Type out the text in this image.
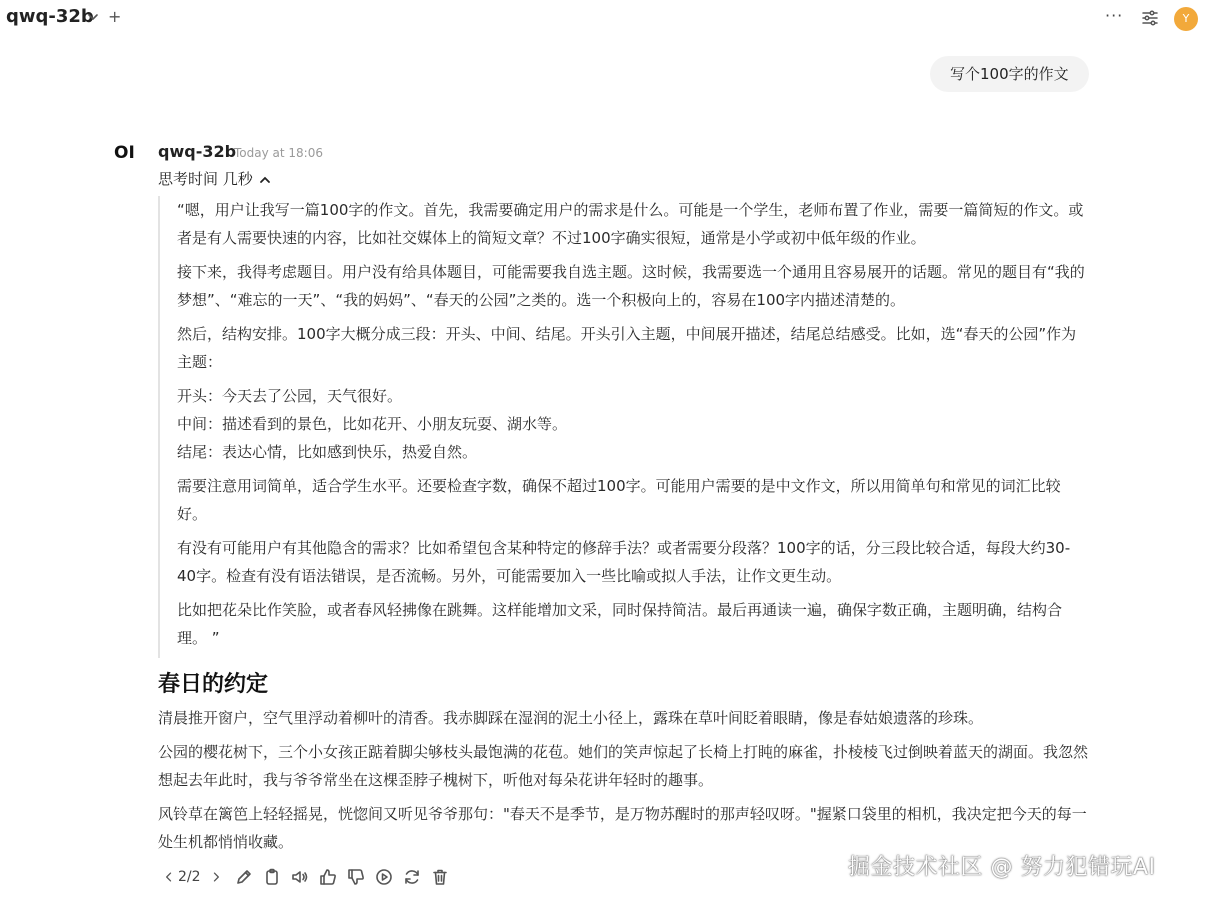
qwq-32b +	···	Y
写个100字的作文
OI qwq-32b
Today at 18:06
思考时间 几秒

“嗯，用户让我写一篇100字的作文。首先，我需要确定用户的需求是什么。可能是一个学生，老师布置了作业，需要一篇简短的作文。或者是有人需要快速的内容，比如社交媒体上的简短文章？不过100字确实很短，通常是小学或初中低年级的作业。

接下来，我得考虑题目。用户没有给具体题目，可能需要我自选主题。这时候，我需要选一个通用且容易展开的话题。常见的题目有“我的梦想”、“难忘的一天”、“我的妈妈”、“春天的公园”之类的。选一个积极向上的，容易在100字内描述清楚的。

然后，结构安排。100字大概分成三段：开头、中间、结尾。开头引入主题，中间展开描述，结尾总结感受。比如，选“春天的公园”作为主题：

开头：今天去了公园，天气很好。

中间：描述看到的景色，比如花开、小朋友玩耍、湖水等。

结尾：表达心情，比如感到快乐，热爱自然。

需要注意用词简单，适合学生水平。还要检查字数，确保不超过100字。可能用户需要的是中文作文，所以用简单句和常见的词汇比较好。

有没有可能用户有其他隐含的需求？比如希望包含某种特定的修辞手法？或者需要分段落？100字的话，分三段比较合适，每段大约30-40字。检查有没有语法错误，是否流畅。另外，可能需要加入一些比喻或拟人手法，让作文更生动。

比如把花朵比作笑脸，或者春风轻拂像在跳舞。这样能增加文采，同时保持简洁。最后再通读一遍，确保字数正确，主题明确，结构合理。 ”

春日的约定

清晨推开窗户，空气里浮动着柳叶的清香。我赤脚踩在湿润的泥土小径上，露珠在草叶间眨着眼睛，像是春姑娘遗落的珍珠。

公园的樱花树下，三个小女孩正踮着脚尖够枝头最饱满的花苞。她们的笑声惊起了长椅上打盹的麻雀，扑棱棱飞过倒映着蓝天的湖面。我忽然想起去年此时，我与爷爷常坐在这棵歪脖子槐树下，听他对每朵花讲年轻时的趣事。

风铃草在篱笆上轻轻摇晃，恍惚间又听见爷爷那句："春天不是季节，是万物苏醒时的那声轻叹呀。"握紧口袋里的相机，我决定把今天的每一处生机都悄悄收藏。

2/2	掘金技术社区 @ 努力犯错玩AI
